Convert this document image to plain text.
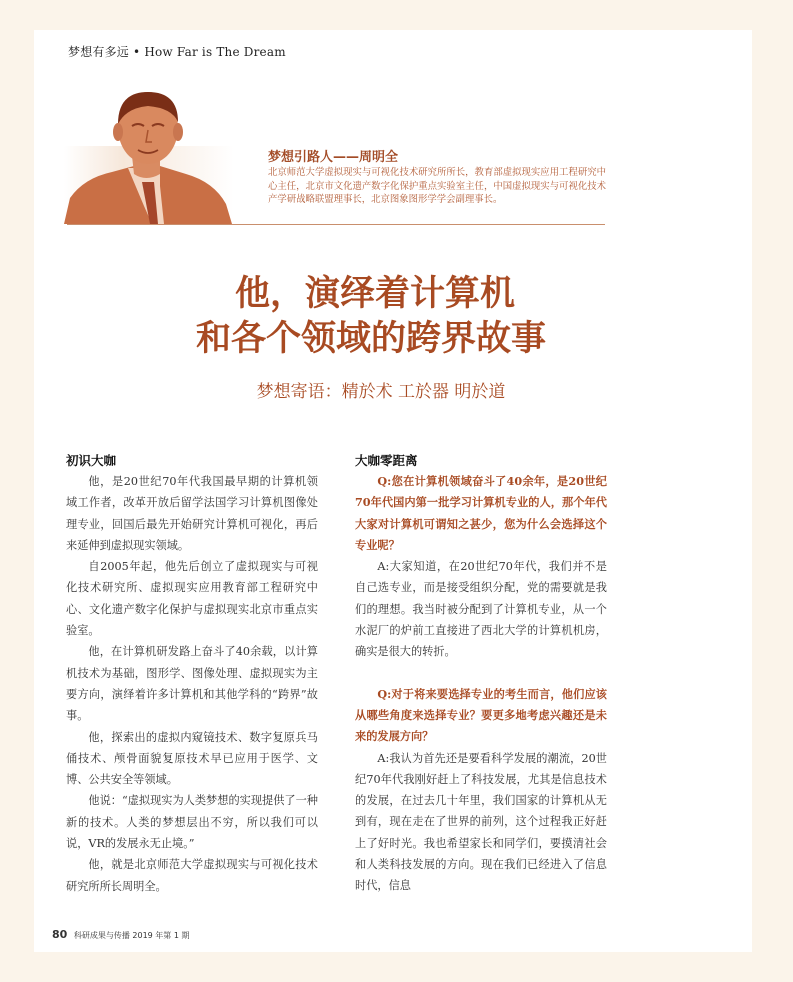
梦想有多远 • How Far is The Dream
梦想引路人——周明全
北京师范大学虚拟现实与可视化技术研究所所长，教育部虚拟现实应用工程研究中心主任，北京市文化遗产数字化保护重点实验室主任，中国虚拟现实与可视化技术产学研战略联盟理事长，北京图象图形学学会副理事长。
他，演绎着计算机
和各个领域的跨界故事
梦想寄语：精於术 工於器 明於道
初识大咖

他，是20世纪70年代我国最早期的计算机领域工作者，改革开放后留学法国学习计算机图像处理专业，回国后最先开始研究计算机可视化，再后来延伸到虚拟现实领域。

自2005年起，他先后创立了虚拟现实与可视化技术研究所、虚拟现实应用教育部工程研究中心、文化遗产数字化保护与虚拟现实北京市重点实验室。

他，在计算机研发路上奋斗了40余载，以计算机技术为基础，图形学、图像处理、虚拟现实为主要方向，演绎着许多计算机和其他学科的“跨界”故事。

他，探索出的虚拟内窥镜技术、数字复原兵马俑技术、颅骨面貌复原技术早已应用于医学、文博、公共安全等领域。

他说：“虚拟现实为人类梦想的实现提供了一种新的技术。人类的梦想层出不穷，所以我们可以说，VR的发展永无止境。”

他，就是北京师范大学虚拟现实与可视化技术研究所所长周明全。

大咖零距离

Q:您在计算机领域奋斗了40余年，是20世纪70年代国内第一批学习计算机专业的人，那个年代大家对计算机可谓知之甚少，您为什么会选择这个专业呢？

A:大家知道，在20世纪70年代，我们并不是自己选专业，而是接受组织分配，党的需要就是我们的理想。我当时被分配到了计算机专业，从一个水泥厂的炉前工直接进了西北大学的计算机机房，确实是很大的转折。

Q:对于将来要选择专业的考生而言，他们应该从哪些角度来选择专业？要更多地考虑兴趣还是未来的发展方向？

A:我认为首先还是要看科学发展的潮流，20世纪70年代我刚好赶上了科技发展，尤其是信息技术的发展，在过去几十年里，我们国家的计算机从无到有，现在走在了世界的前列，这个过程我正好赶上了好时光。我也希望家长和同学们，要摸清社会和人类科技发展的方向。现在我们已经进入了信息时代，信息

80 科研成果与传播 2019 年第 1 期
